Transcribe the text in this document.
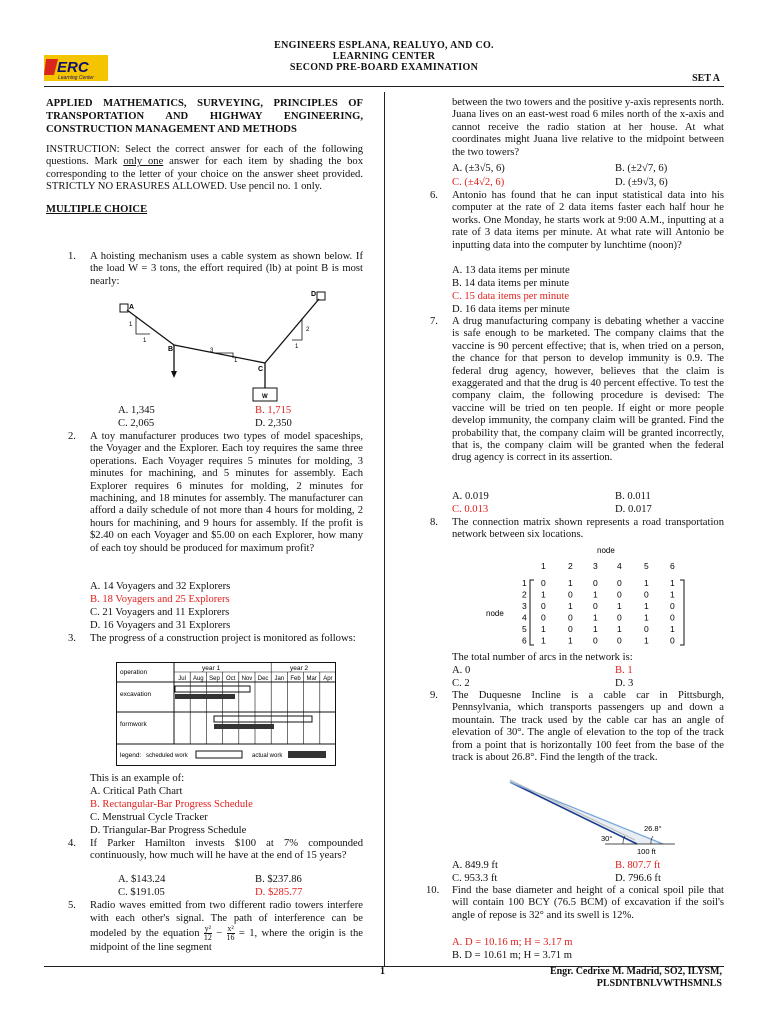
ENGINEERS ESPLANA, REALUYO, AND CO.
LEARNING CENTER
SECOND PRE-BOARD EXAMINATION
SET A
ERC
Learning Center
APPLIED MATHEMATICS, SURVEYING, PRINCIPLES OF TRANSPORTATION AND HIGHWAY ENGINEERING, CONSTRUCTION MANAGEMENT AND METHODS
INSTRUCTION: Select the correct answer for each of the following questions. Mark only one answer for each item by shading the box corresponding to the letter of your choice on the answer sheet provided. STRICTLY NO ERASURES ALLOWED. Use pencil no. 1 only.
MULTIPLE CHOICE
1. A hoisting mechanism uses a cable system as shown below. If the load W = 3 tons, the effort required (lb) at point B is most nearly:
A
D
B
C
W
1
1
3
1
2
1
A. 1,345	B. 1,715
C. 2,065	D. 2,350
2. A toy manufacturer produces two types of model spaceships, the Voyager and the Explorer. Each toy requires the same three operations. Each Voyager requires 5 minutes for molding, 3 minutes for machining, and 5 minutes for assembly. Each Explorer requires 6 minutes for molding, 2 minutes for machining, and 18 minutes for assembly. The manufacturer can afford a daily schedule of not more than 4 hours for molding, 2 hours for machining, and 9 hours for assembly. If the profit is $2.40 on each Voyager and $5.00 on each Explorer, how many of each toy should be produced for maximum profit?
A. 14 Voyagers and 32 Explorers
B. 18 Voyagers and 25 Explorers
C. 21 Voyagers and 11 Explorers
D. 16 Voyagers and 31 Explorers
3. The progress of a construction project is monitored as follows:
operation
year 1	year 2
Jul Aug Sep Oct Nov Dec Jan Feb Mar Apr
excavation
formwork
legend: scheduled work	actual work
This is an example of:
A. Critical Path Chart
B. Rectangular-Bar Progress Schedule
C. Menstrual Cycle Tracker
D. Triangular-Bar Progress Schedule
4. If Parker Hamilton invests $100 at 7% compounded continuously, how much will he have at the end of 15 years?
A. $143.24	B. $237.86
C. $191.05	D. $285.77
5. Radio waves emitted from two different radio towers interfere with each other's signal. The path of interference can be modeled by the equation $\frac{\text{y²}}{12} - \frac{\text{x²}}{16} = 1$, where the origin is the midpoint of the line segment
between the two towers and the positive y-axis represents north. Juana lives on an east-west road 6 miles north of the x-axis and cannot receive the radio station at her house. At what coordinates might Juana live relative to the midpoint between the two towers?
A. (±3√5, 6)	B. (±2√7, 6)
C. (±4√2, 6)	D. (±9√3, 6)
6. Antonio has found that he can input statistical data into his computer at the rate of 2 data items faster each half hour he works. One Monday, he starts work at 9:00 A.M., inputting at a rate of 3 data items per minute. At what rate will Antonio be inputting data into the computer by lunchtime (noon)?
A. 13 data items per minute
B. 14 data items per minute
C. 15 data items per minute
D. 16 data items per minute
7. A drug manufacturing company is debating whether a vaccine is safe enough to be marketed. The company claims that the vaccine is 90 percent effective; that is, when tried on a person, the chance for that person to develop immunity is 0.9. The federal drug agency, however, believes that the claim is exaggerated and that the drug is 40 percent effective. To test the company claim, the following procedure is devised: The vaccine will be tried on ten people. If eight or more people develop immunity, the company claim will be granted. Find the probability that, the company claim will be granted incorrectly, that is, the company claim will be granted when the federal drug agency is correct in its assertion.
A. 0.019	B. 0.011
C. 0.013	D. 0.017
8. The connection matrix shown represents a road transportation network between six locations.
node
node
1	2 3 4	5	6
1 0	1 0 0	1	1
2 1	0 1 0	0	1
3 0	1 0 1	1	0
4 0	0 1 0	1	0
5 1	0 1 1	0	1
6 1	1 0 0	1	0
The total number of arcs in the network is:
A. 0	B. 1
C. 2	D. 3
9. The Duquesne Incline is a cable car in Pittsburgh, Pennsylvania, which transports passengers up and down a mountain. The track used by the cable car has an angle of elevation of 30°. The angle of elevation to the top of the track from a point that is horizontally 100 feet from the base of the track is about 26.8°. Find the length of the track.
26.8°
30°
100 ft
A. 849.9 ft	B. 807.7 ft
C. 953.3 ft	D. 796.6 ft
10. Find the base diameter and height of a conical spoil pile that will contain 100 BCY (76.5 BCM) of excavation if the soil's angle of repose is 32° and its swell is 12%.
A. D = 10.16 m; H = 3.17 m
B. D = 10.61 m; H = 3.71 m
1	Engr. Cedrixe M. Madrid, SO2, ILYSM,
PLSDNTBNLVWTHSMNLS
